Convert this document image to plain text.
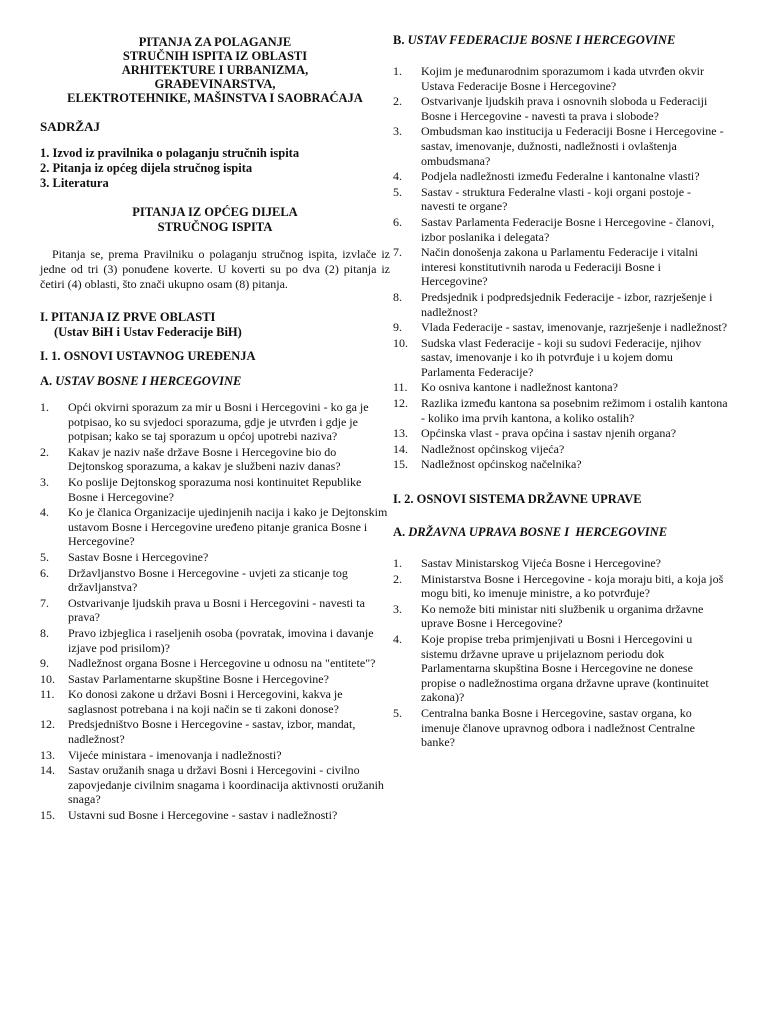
PITANJA ZA POLAGANJE
STRUČNIH ISPITA IZ OBLASTI
ARHITEKTURE I URBANIZMA,
GRAĐEVINARSTVA,
ELEKTROTEHNIKE, MAŠINSTVA I SAOBRAĆAJA
SADRŽAJ
1. Izvod iz pravilnika o polaganju stručnih ispita
2. Pitanja iz općeg dijela stručnog ispita
3. Literatura
PITANJA IZ OPĆEG DIJELA
STRUČNOG ISPITA

Pitanja se, prema Pravilniku o polaganju stručnog ispita, izvlače iz jedne od tri (3) ponuđene koverte. U koverti su po dva (2) pitanja iz četiri (4) oblasti, što znači ukupno osam (8) pitanja.

I. PITANJA IZ PRVE OBLASTI
(Ustav BiH i Ustav Federacije BiH)
I. 1. OSNOVI USTAVNOG UREĐENJA
A. USTAV BOSNE I HERCEGOVINE
1.	Opći okvirni sporazum za mir u Bosni i Hercegovini - ko ga je potpisao, ko su svjedoci sporazuma, gdje je utvrđen i gdje je potpisan; kako se taj sporazum u općoj upotrebi naziva?
2.	Kakav je naziv naše države Bosne i Hercegovine bio do Dejtonskog sporazuma, a kakav je službeni naziv danas?
3.	Ko poslije Dejtonskog sporazuma nosi kontinuitet Republike Bosne i Hercegovine?
4.	Ko je članica Organizacije ujedinjenih nacija i kako je Dejtonskim ustavom Bosne i Hercegovine uređeno pitanje granica Bosne i Hercegovine?
5.	Sastav Bosne i Hercegovine?
6.	Državljanstvo Bosne i Hercegovine - uvjeti za sticanje tog državljanstva?
7.	Ostvarivanje ljudskih prava u Bosni i Hercegovini - navesti ta prava?
8.	Pravo izbjeglica i raseljenih osoba (povratak, imovina i davanje izjave pod prisilom)?
9.	Nadležnost organa Bosne i Hercegovine u odnosu na "entitete"?
10.	Sastav Parlamentarne skupštine Bosne i Hercegovine?
11.	Ko donosi zakone u državi Bosni i Hercegovini, kakva je saglasnost potrebana i na koji način se ti zakoni donose?
12.	Predsjedništvo Bosne i Hercegovine - sastav, izbor, mandat, nadležnost?
13.	Vijeće ministara - imenovanja i nadležnosti?
14.	Sastav oružanih snaga u državi Bosni i Hercegovini - civilno zapovjedanje civilnim snagama i koordinacija aktivnosti oružanih snaga?
15.	Ustavni sud Bosne i Hercegovine - sastav i nadležnosti?
B. USTAV FEDERACIJE BOSNE I HERCEGOVINE
1.	Kojim je međunarodnim sporazumom i kada utvrđen okvir Ustava Federacije Bosne i Hercegovine?
2.	Ostvarivanje ljudskih prava i osnovnih sloboda u Federaciji Bosne i Hercegovine - navesti ta prava i slobode?
3.	Ombudsman kao institucija u Federaciji Bosne i Hercegovine - sastav, imenovanje, dužnosti, nadležnosti i ovlaštenja ombudsmana?
4.	Podjela nadležnosti između Federalne i kantonalne vlasti?
5.	Sastav - struktura Federalne vlasti - koji organi postoje - navesti te organe?
6.	Sastav Parlamenta Federacije Bosne i Hercegovine - članovi, izbor poslanika i delegata?
7.	Način donošenja zakona u Parlamentu Federacije i vitalni interesi konstitutivnih naroda u Federaciji Bosne i Hercegovine?
8.	Predsjednik i podpredsjednik Federacije - izbor, razrješenje i nadležnost?
9.	Vlada Federacije - sastav, imenovanje, razrješenje i nadležnost?
10.	Sudska vlast Federacije - koji su sudovi Federacije, njihov sastav, imenovanje i ko ih potvrđuje i u kojem domu Parlamenta Federacije?
11.	Ko osniva kantone i nadležnost kantona?
12.	Razlika između kantona sa posebnim režimom i ostalih kantona - koliko ima prvih kantona, a koliko ostalih?
13.	Općinska vlast - prava općina i sastav njenih organa?
14.	Nadležnost općinskog vijeća?
15.	Nadležnost općinskog načelnika?
I. 2. OSNOVI SISTEMA DRŽAVNE UPRAVE
A. DRŽAVNA UPRAVA BOSNE I  HERCEGOVINE
1.	Sastav Ministarskog Vijeća Bosne i Hercegovine?
2.	Ministarstva Bosne i Hercegovine - koja moraju biti, a koja još mogu biti, ko imenuje ministre, a ko potvrđuje?
3.	Ko nemože biti ministar niti službenik u organima državne uprave Bosne i Hercegovine?
4.	Koje propise treba primjenjivati u Bosni i Hercegovini u sistemu državne uprave u prijelaznom periodu dok Parlamentarna skupština Bosne i Hercegovine ne donese propise o nadležnostima organa državne uprave (kontinuitet zakona)?
5.	Centralna banka Bosne i Hercegovine, sastav organa, ko imenuje članove upravnog odbora i nadležnost Centralne banke?
